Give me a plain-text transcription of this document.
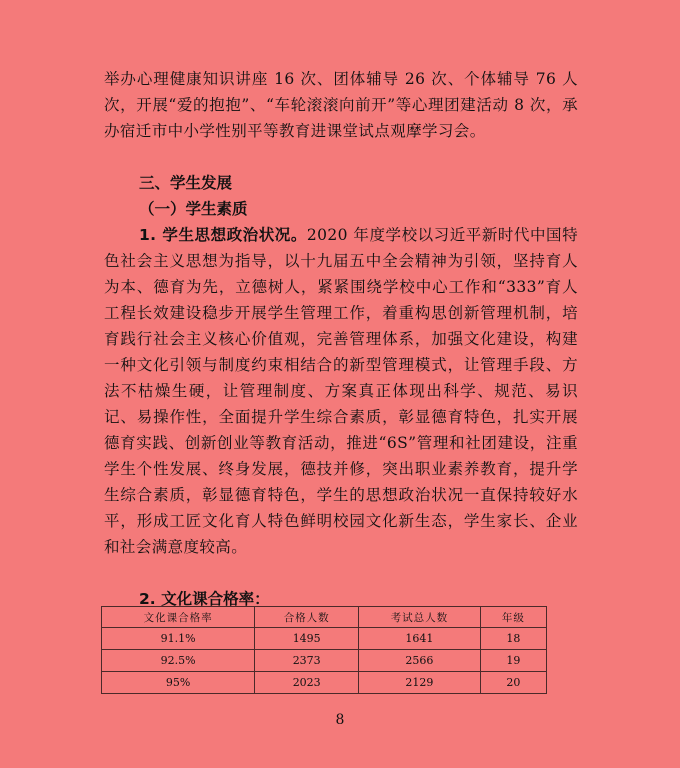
举办心理健康知识讲座 16 次、团体辅导 26 次、个体辅导 76 人次，开展“爱的抱抱”、“车轮滚滚向前开”等心理团建活动 8 次，承办宿迁市中小学性别平等教育进课堂试点观摩学习会。

三、学生发展

（一）学生素质

1. 学生思想政治状况。2020 年度学校以习近平新时代中国特色社会主义思想为指导，以十九届五中全会精神为引领，坚持育人为本、德育为先，立德树人，紧紧围绕学校中心工作和“333”育人工程长效建设稳步开展学生管理工作，着重构思创新管理机制，培育践行社会主义核心价值观，完善管理体系，加强文化建设，构建一种文化引领与制度约束相结合的新型管理模式，让管理手段、方法不枯燥生硬，让管理制度、方案真正体现出科学、规范、易识记、易操作性，全面提升学生综合素质，彰显德育特色，扎实开展德育实践、创新创业等教育活动，推进“6S”管理和社团建设，注重学生个性发展、终身发展，德技并修，突出职业素养教育，提升学生综合素质，彰显德育特色，学生的思想政治状况一直保持较好水平，形成工匠文化育人特色鲜明校园文化新生态，学生家长、企业和社会满意度较高。

2. 文化课合格率：

文化课合格率	合格人数	考试总人数	年级
91.1%	1495	1641	18
92.5%	2373	2566	19
95%	2023	2129	20
8
